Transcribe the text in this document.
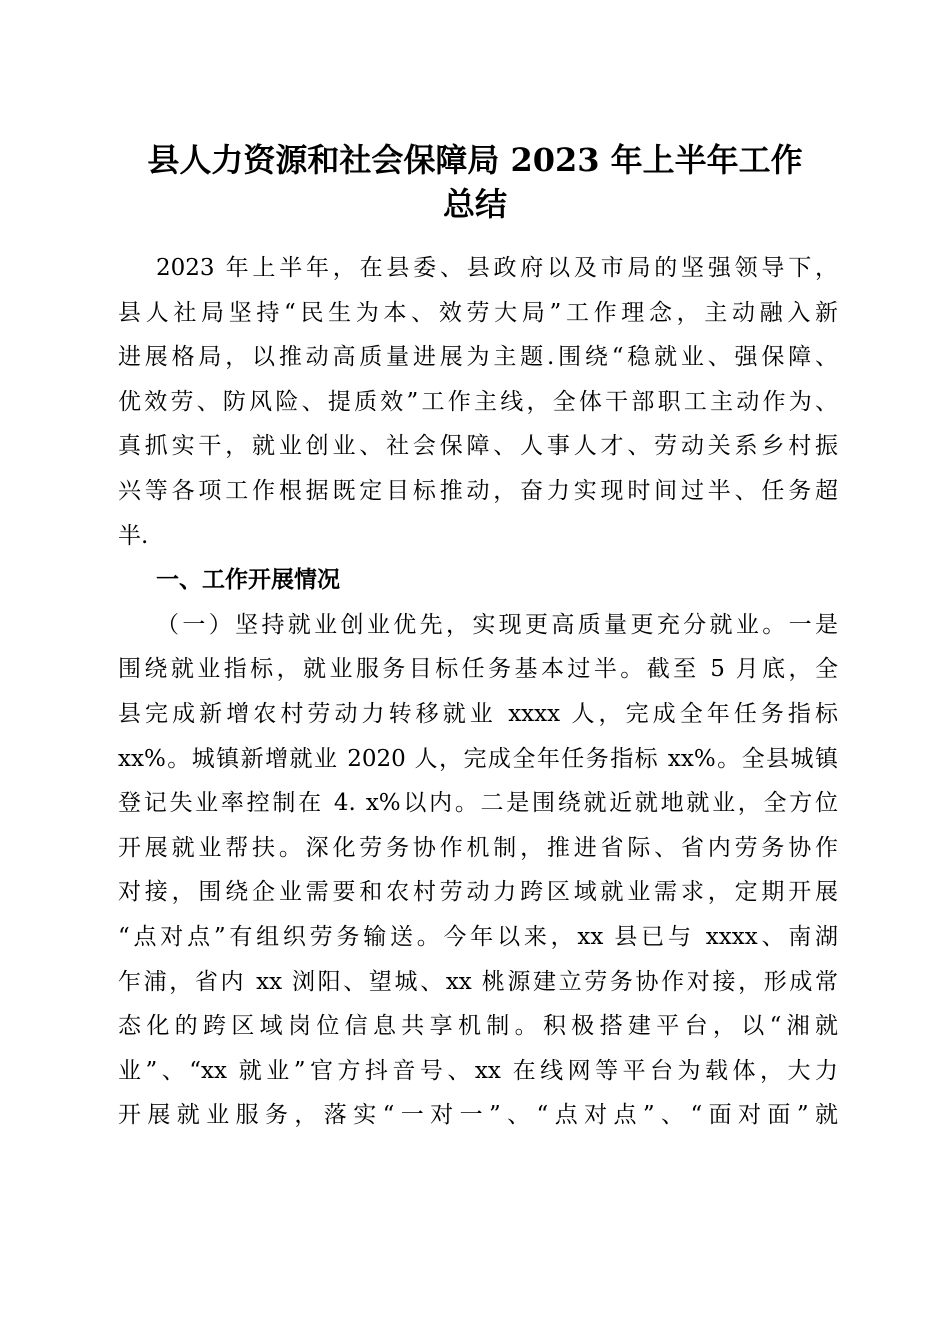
县人力资源和社会保障局 2023 年上半年工作
总结
2023 年上半年，在县委、县政府以及市局的坚强领导下，
县人社局坚持“民生为本、效劳大局”工作理念，主动融入新
进展格局，以推动高质量进展为主题.围绕“稳就业、强保障、
优效劳、防风险、提质效”工作主线，全体干部职工主动作为、
真抓实干，就业创业、社会保障、人事人才、劳动关系乡村振
兴等各项工作根据既定目标推动，奋力实现时间过半、任务超
半.
一、工作开展情况
（一）坚持就业创业优先，实现更高质量更充分就业。一是
围绕就业指标，就业服务目标任务基本过半。截至 5 月底，全
县完成新增农村劳动力转移就业 xxxx 人，完成全年任务指标
xx%。城镇新增就业 2020 人，完成全年任务指标 xx%。全县城镇
登记失业率控制在 4. x%以内。二是围绕就近就地就业，全方位
开展就业帮扶。深化劳务协作机制，推进省际、省内劳务协作
对接，围绕企业需要和农村劳动力跨区域就业需求，定期开展
“点对点”有组织劳务输送。今年以来，xx 县已与 xxxx、南湖
乍浦，省内 xx 浏阳、望城、xx 桃源建立劳务协作对接，形成常
态化的跨区域岗位信息共享机制。积极搭建平台，以“湘就
业”、“xx 就业”官方抖音号、xx 在线网等平台为载体，大力
开展就业服务，落实“一对一”、“点对点”、“面对面”就
